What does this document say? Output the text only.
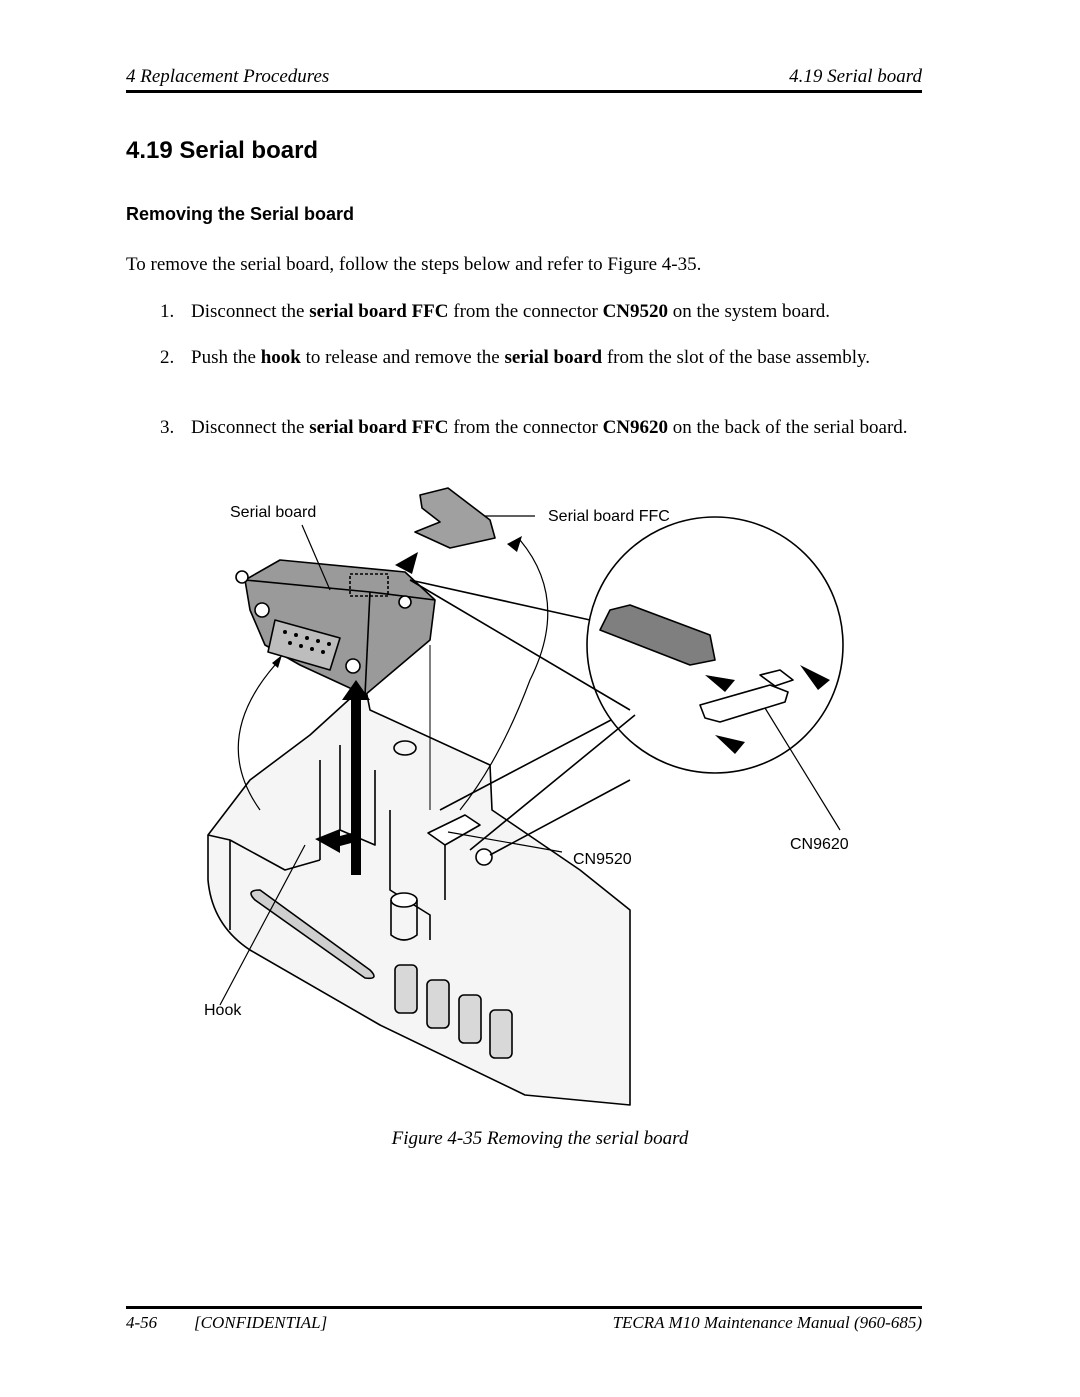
4 Replacement Procedures	4.19 Serial board
4.19 Serial board
Removing the Serial board
To remove the serial board, follow the steps below and refer to Figure 4-35.
1. Disconnect the serial board FFC from the connector CN9520 on the system board.
2. Push the hook to release and remove the serial board from the slot of the base assembly.
3. Disconnect the serial board FFC from the connector CN9620 on the back of the serial board.
Serial board	Serial board FFC
CN9620
CN9520
Hook
Figure 4-35 Removing the serial board
4-56 [CONFIDENTIAL]	TECRA M10 Maintenance Manual (960-685)
